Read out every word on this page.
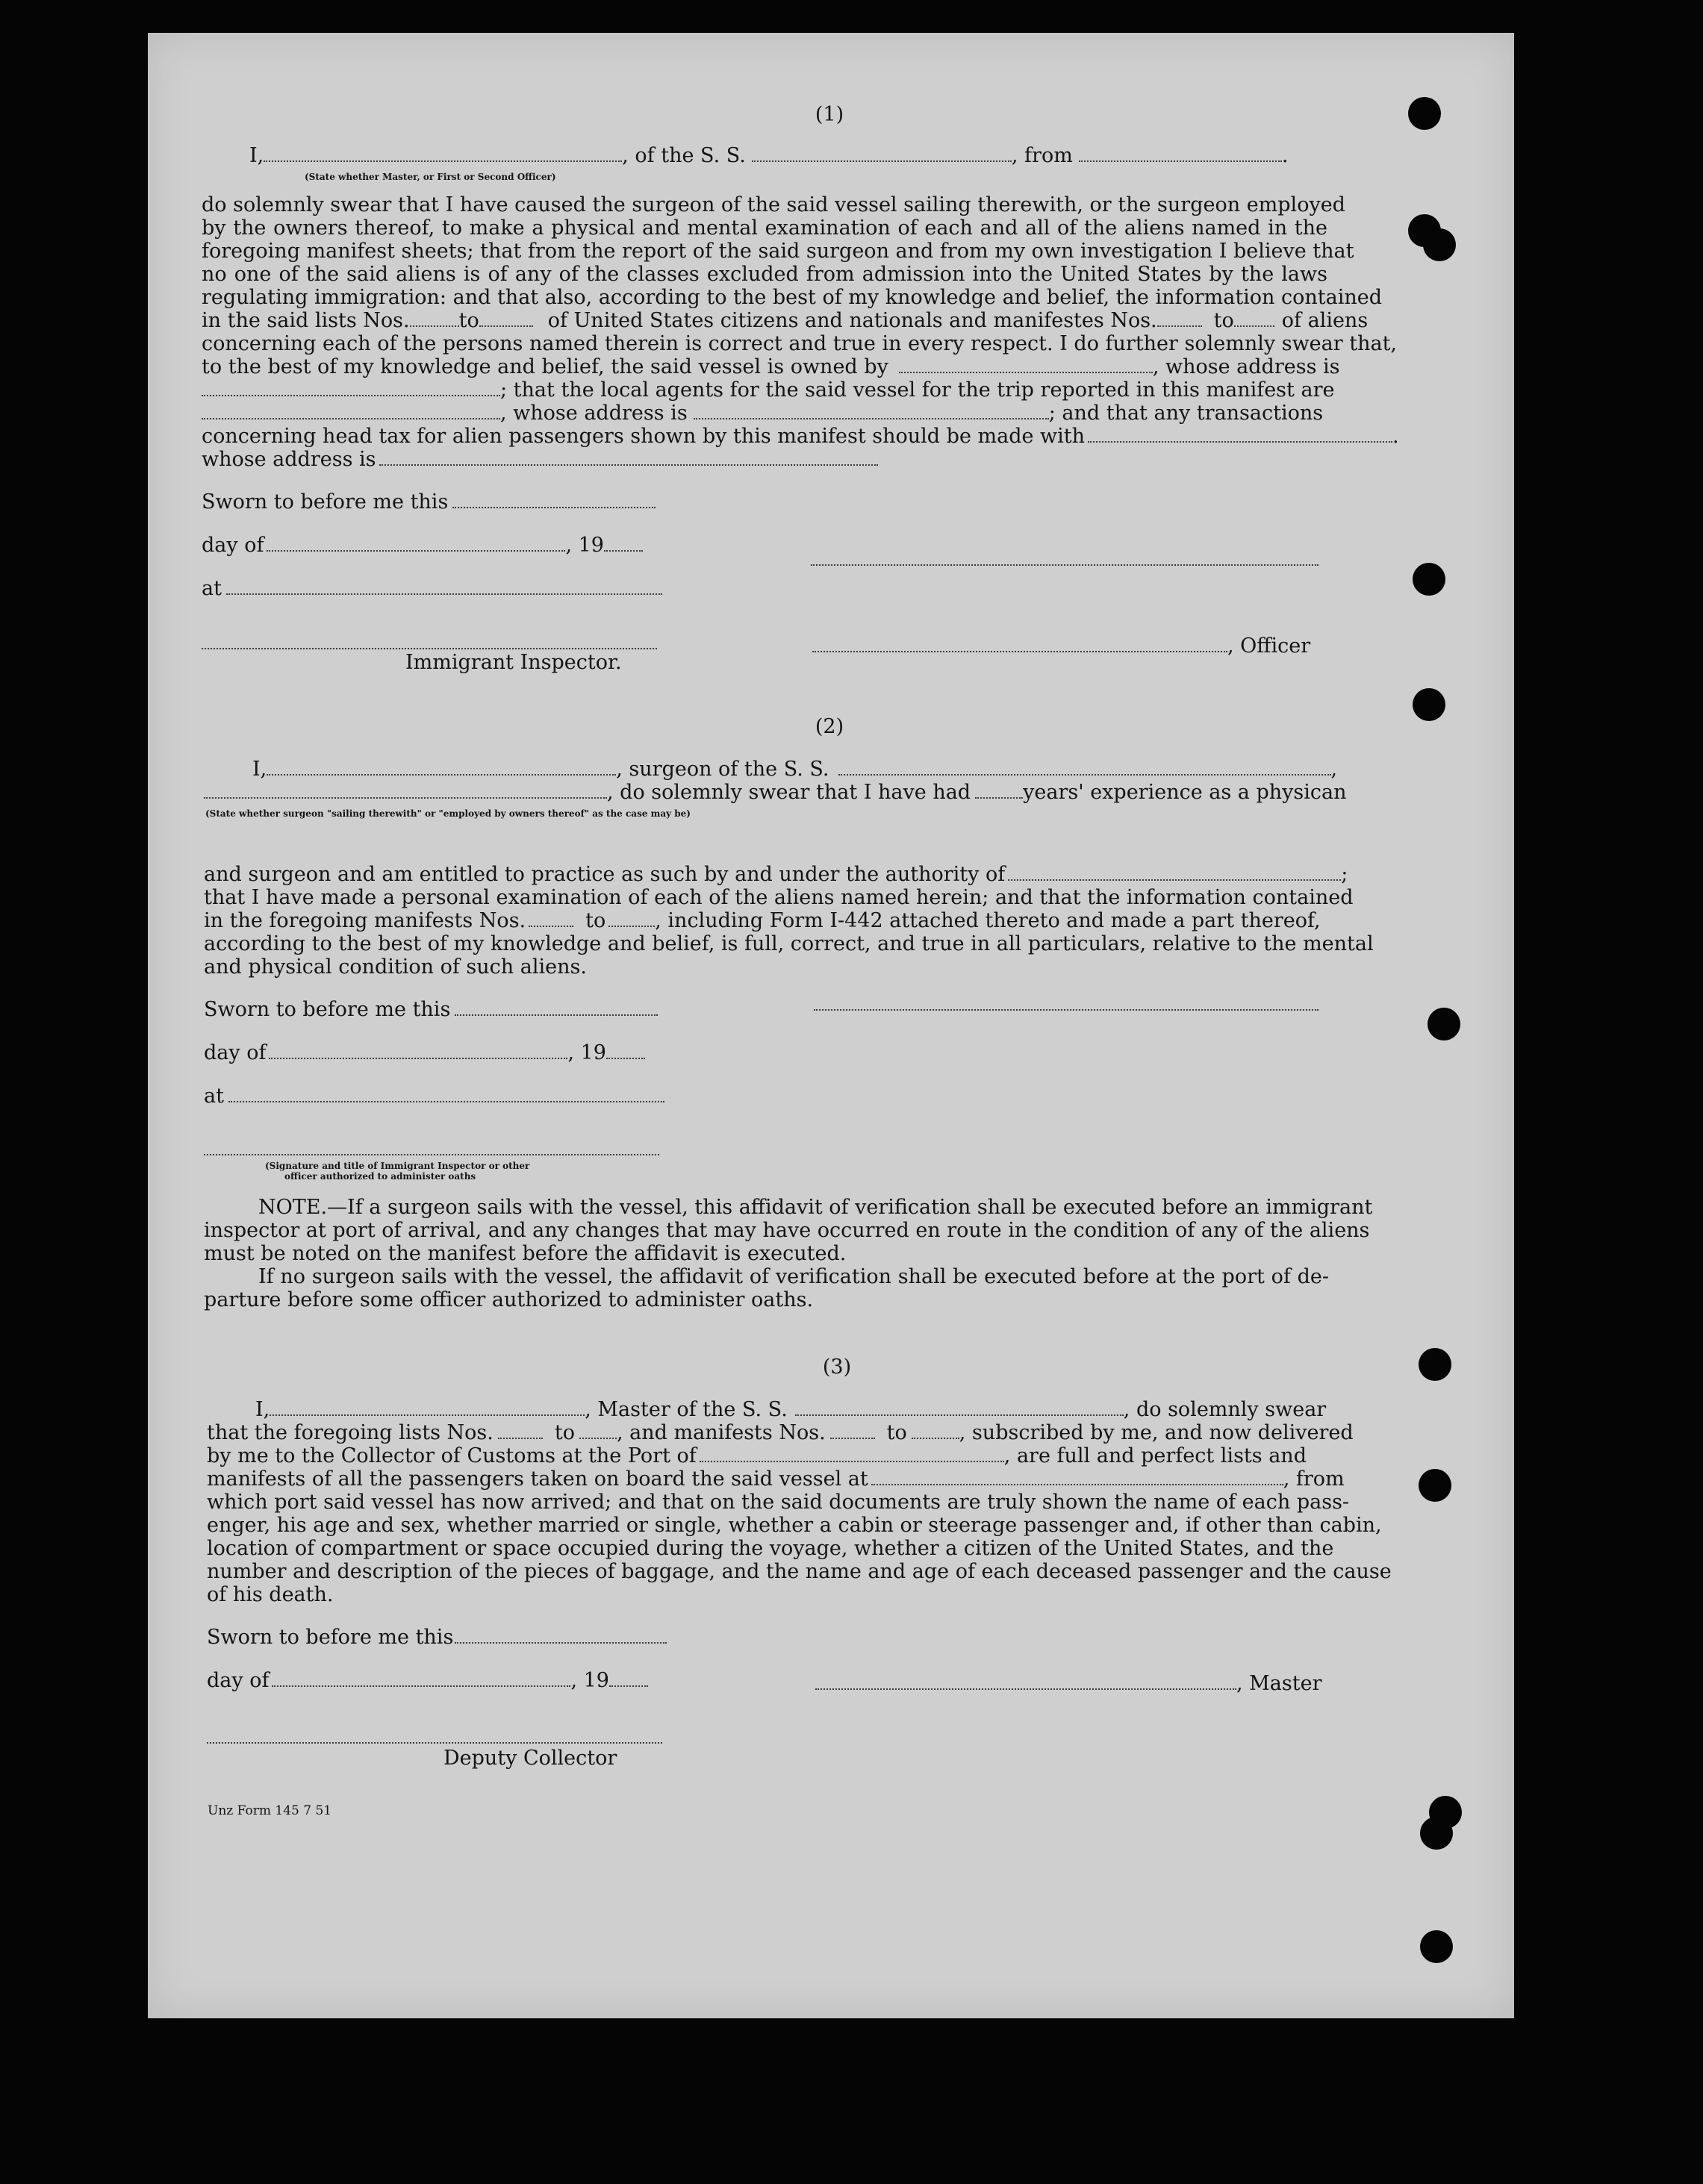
(1)
I,	, of the S. S.	, from	.
(State whether Master, or First or Second Officer)
do solemnly swear that I have caused the surgeon of the said vessel sailing therewith, or the surgeon employed
by the owners thereof, to make a physical and mental examination of each and all of the aliens named in the
foregoing manifest sheets; that from the report of the said surgeon and from my own investigation I believe that
no one of the said aliens is of any of the classes excluded from admission into the United States by the laws
regulating immigration: and that also, according to the best of my knowledge and belief, the information contained
in the said lists Nos. to	of United States citizens and nationals and manifestes Nos.	to of aliens
concerning each of the persons named therein is correct and true in every respect. I do further solemnly swear that,
to the best of my knowledge and belief, the said vessel is owned by	, whose address is
; that the local agents for the said vessel for the trip reported in this manifest are
, whose address is	; and that any transactions
concerning head tax for alien passengers shown by this manifest should be made with	.
whose address is
Sworn to before me this
day of	, 19
at
, Officer
Immigrant Inspector.
(2)
I,	, surgeon of the S. S.	,
, do solemnly swear that I have had	years' experience as a physican
(State whether surgeon "sailing therewith" or "employed by owners thereof" as the case may be)
and surgeon and am entitled to practice as such by and under the authority of	;
that I have made a personal examination of each of the aliens named herein; and that the information contained
in the foregoing manifests Nos.	to , including Form I-442 attached thereto and made a part thereof,
according to the best of my knowledge and belief, is full, correct, and true in all particulars, relative to the mental
and physical condition of such aliens.
Sworn to before me this
day of	, 19
at
(Signature and title of Immigrant Inspector or other
officer authorized to administer oaths
NOTE.—If a surgeon sails with the vessel, this affidavit of verification shall be executed before an immigrant
inspector at port of arrival, and any changes that may have occurred en route in the condition of any of the aliens
must be noted on the manifest before the affidavit is executed.
If no surgeon sails with the vessel, the affidavit of verification shall be executed before at the port of de-
parture before some officer authorized to administer oaths.
(3)
I,	, Master of the S. S.	, do solemnly swear
that the foregoing lists Nos.	to , and manifests Nos.	to	, subscribed by me, and now delivered
by me to the Collector of Customs at the Port of	, are full and perfect lists and
manifests of all the passengers taken on board the said vessel at	, from
which port said vessel has now arrived; and that on the said documents are truly shown the name of each pass-
enger, his age and sex, whether married or single, whether a cabin or steerage passenger and, if other than cabin,
location of compartment or space occupied during the voyage, whether a citizen of the United States, and the
number and description of the pieces of baggage, and the name and age of each deceased passenger and the cause
of his death.
Sworn to before me this
day of	, 19	, Master
Deputy Collector
Unz Form 145 7 51
